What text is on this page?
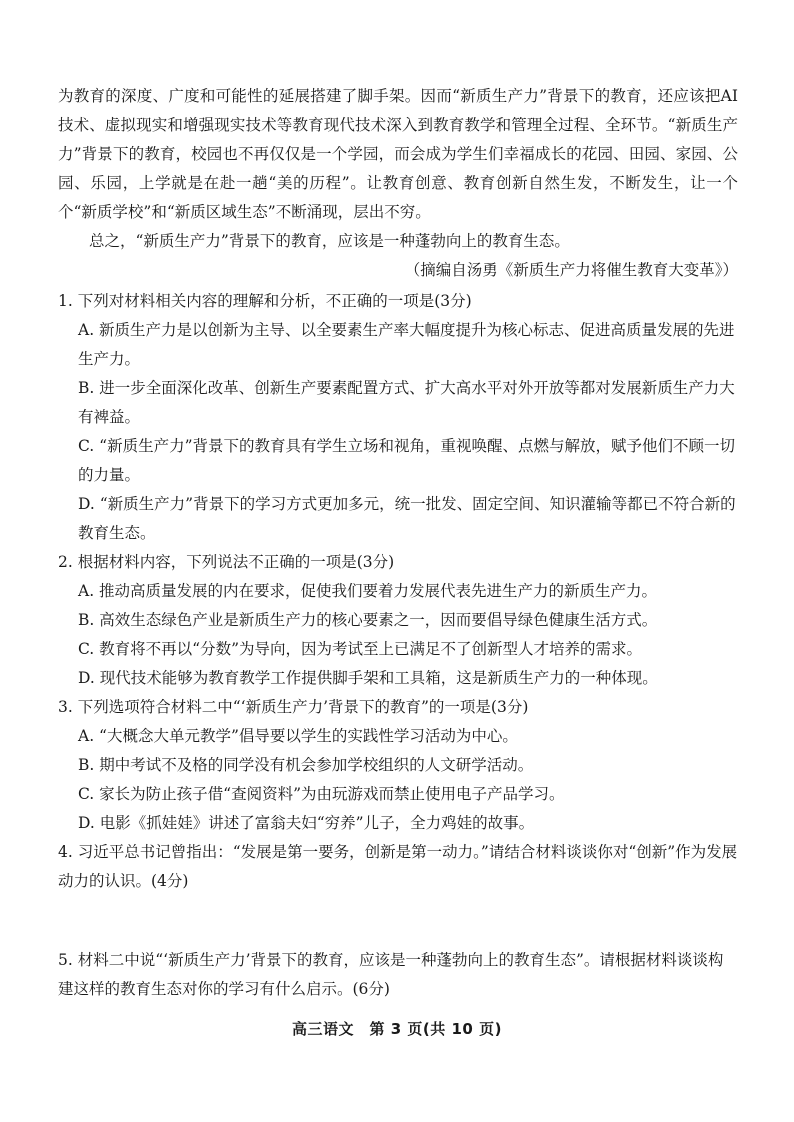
为教育的深度、广度和可能性的延展搭建了脚手架。因而“新质生产力”背景下的教育，还应该把AI技术、虚拟现实和增强现实技术等教育现代技术深入到教育教学和管理全过程、全环节。“新质生产力”背景下的教育，校园也不再仅仅是一个学园，而会成为学生们幸福成长的花园、田园、家园、公园、乐园，上学就是在赴一趟“美的历程”。让教育创意、教育创新自然生发，不断发生，让一个个“新质学校”和“新质区域生态”不断涌现，层出不穷。

总之，“新质生产力”背景下的教育，应该是一种蓬勃向上的教育生态。

（摘编自汤勇《新质生产力将催生教育大变革》）

1. 下列对材料相关内容的理解和分析，不正确的一项是(3分)

A. 新质生产力是以创新为主导、以全要素生产率大幅度提升为核心标志、促进高质量发展的先进生产力。

B. 进一步全面深化改革、创新生产要素配置方式、扩大高水平对外开放等都对发展新质生产力大有裨益。

C. “新质生产力”背景下的教育具有学生立场和视角，重视唤醒、点燃与解放，赋予他们不顾一切的力量。

D. “新质生产力”背景下的学习方式更加多元，统一批发、固定空间、知识灌输等都已不符合新的教育生态。

2. 根据材料内容，下列说法不正确的一项是(3分)

A. 推动高质量发展的内在要求，促使我们要着力发展代表先进生产力的新质生产力。

B. 高效生态绿色产业是新质生产力的核心要素之一，因而要倡导绿色健康生活方式。

C. 教育将不再以“分数”为导向，因为考试至上已满足不了创新型人才培养的需求。

D. 现代技术能够为教育教学工作提供脚手架和工具箱，这是新质生产力的一种体现。

3. 下列选项符合材料二中“‘新质生产力’背景下的教育”的一项是(3分)

A. “大概念大单元教学”倡导要以学生的实践性学习活动为中心。

B. 期中考试不及格的同学没有机会参加学校组织的人文研学活动。

C. 家长为防止孩子借“查阅资料”为由玩游戏而禁止使用电子产品学习。

D. 电影《抓娃娃》讲述了富翁夫妇“穷养”儿子，全力鸡娃的故事。

4. 习近平总书记曾指出：“发展是第一要务，创新是第一动力。”请结合材料谈谈你对“创新”作为发展动力的认识。(4分)

5. 材料二中说“‘新质生产力’背景下的教育，应该是一种蓬勃向上的教育生态”。请根据材料谈谈构建这样的教育生态对你的学习有什么启示。(6分)

高三语文　第 3 页(共 10 页)
